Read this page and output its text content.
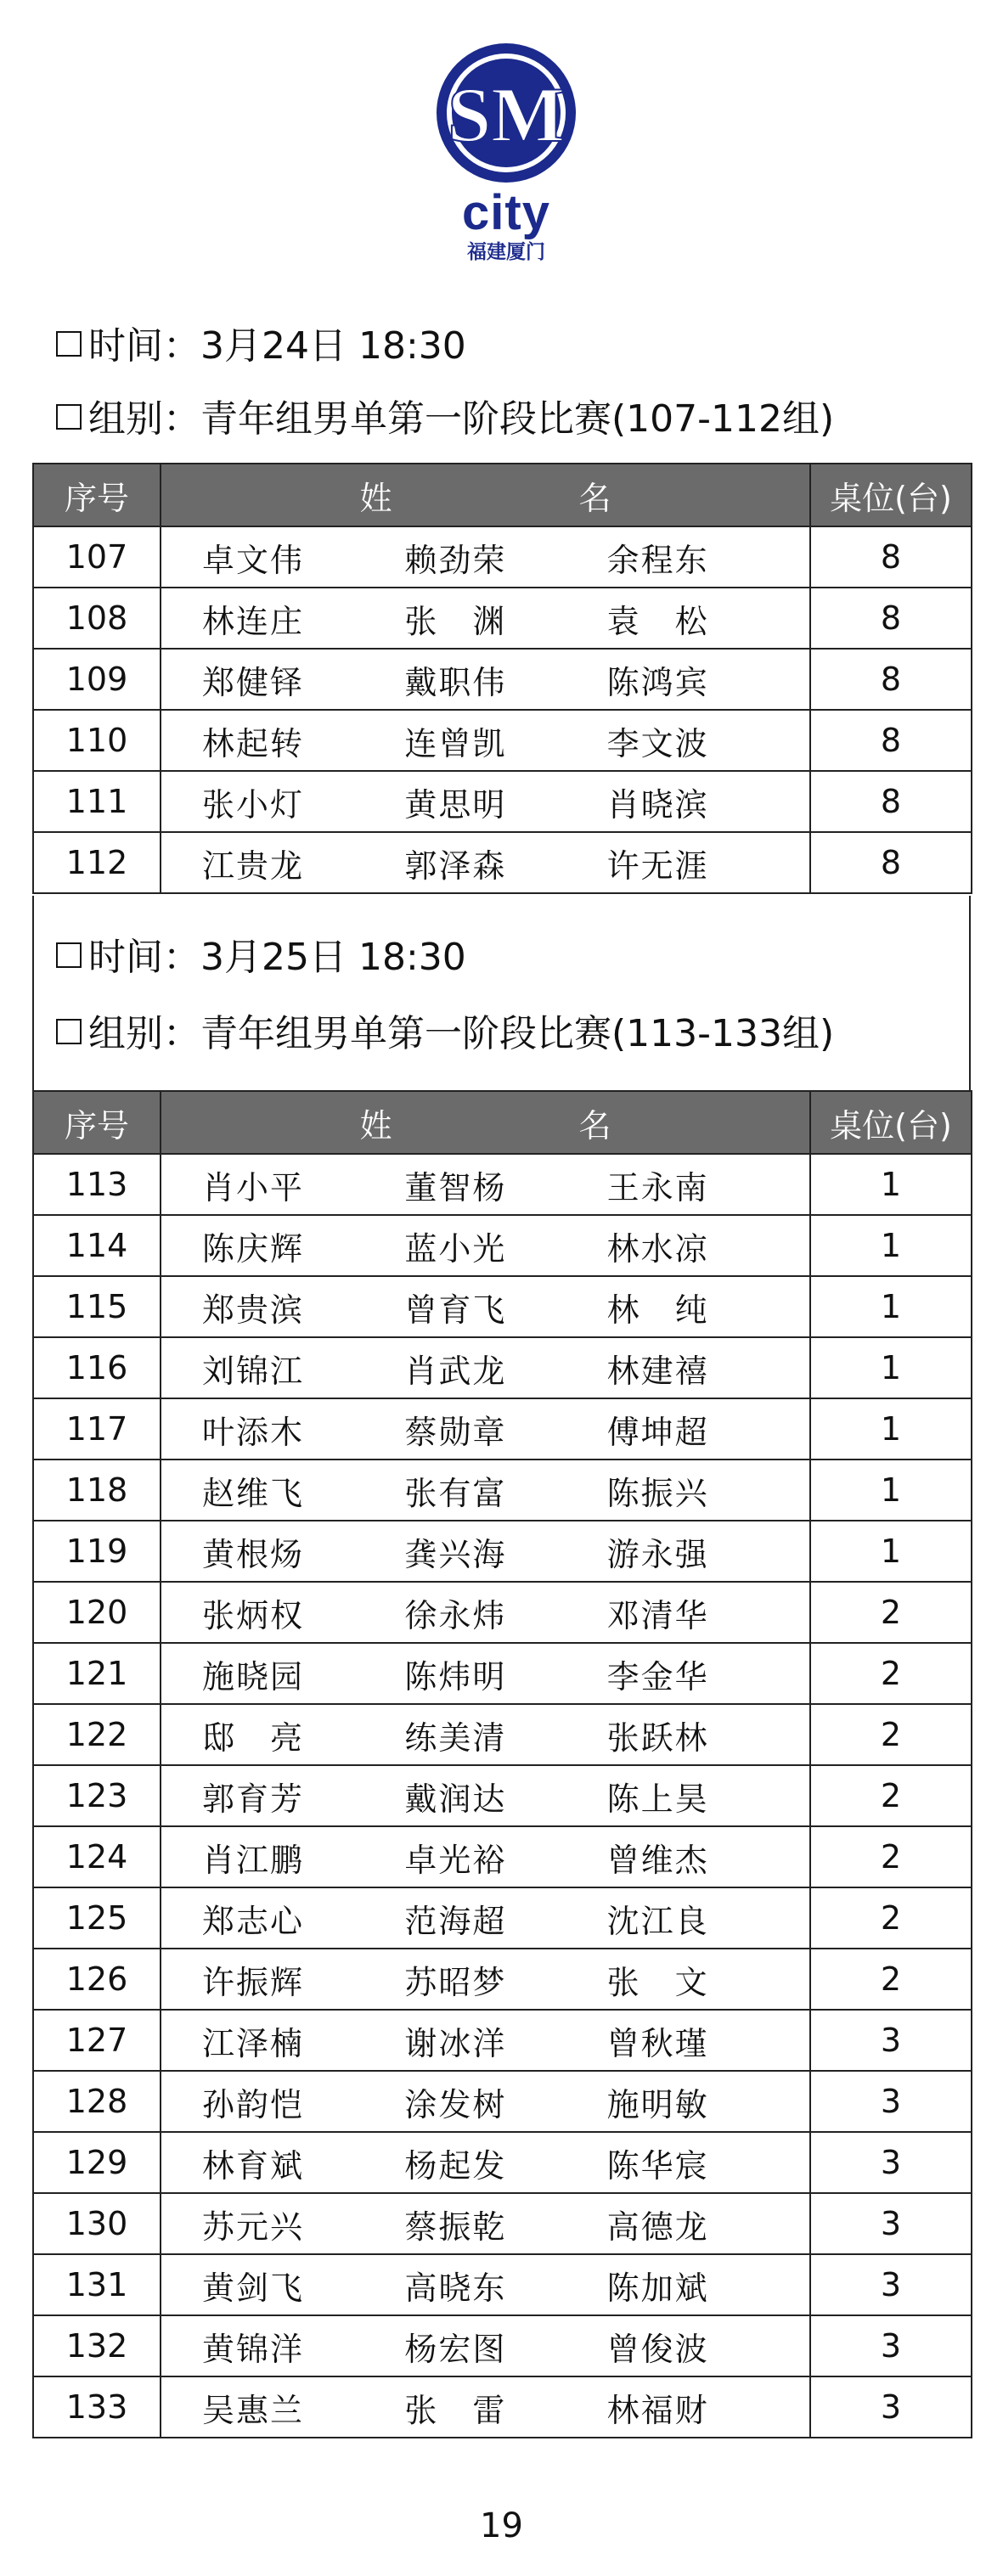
SM
city
福建厦门
时间：3月24日 18:30
组别：青年组男单第一阶段比赛(107-112组)
序号	姓 名	桌位(台)
107	卓文伟 赖劲荣 余程东	8
108	林连庄 张　渊 袁　松	8
109	郑健铎 戴职伟 陈鸿宾	8
110	林起转 连曾凯 李文波	8
111	张小灯 黄思明 肖晓滨	8
112	江贵龙 郭泽森 许无涯	8
时间：3月25日 18:30
组别：青年组男单第一阶段比赛(113-133组)
序号	姓 名	桌位(台)
113	肖小平 董智杨 王永南	1
114	陈庆辉 蓝小光 林水凉	1
115	郑贵滨 曾育飞 林　纯	1
116	刘锦江 肖武龙 林建禧	1
117	叶添木 蔡勋章 傅坤超	1
118	赵维飞 张有富 陈振兴	1
119	黄根炀 龚兴海 游永强	1
120	张炳权 徐永炜 邓清华	2
121	施晓园 陈炜明 李金华	2
122	邸　亮 练美清 张跃林	2
123	郭育芳 戴润达 陈上昊	2
124	肖江鹏 卓光裕 曾维杰	2
125	郑志心 范海超 沈江良	2
126	许振辉 苏昭梦 张　文	2
127	江泽楠 谢冰洋 曾秋瑾	3
128	孙韵恺 涂发树 施明敏	3
129	林育斌 杨起发 陈华宸	3
130	苏元兴 蔡振乾 高德龙	3
131	黄剑飞 高晓东 陈加斌	3
132	黄锦洋 杨宏图 曾俊波	3
133	吴惠兰 张　雷 林福财	3
19
